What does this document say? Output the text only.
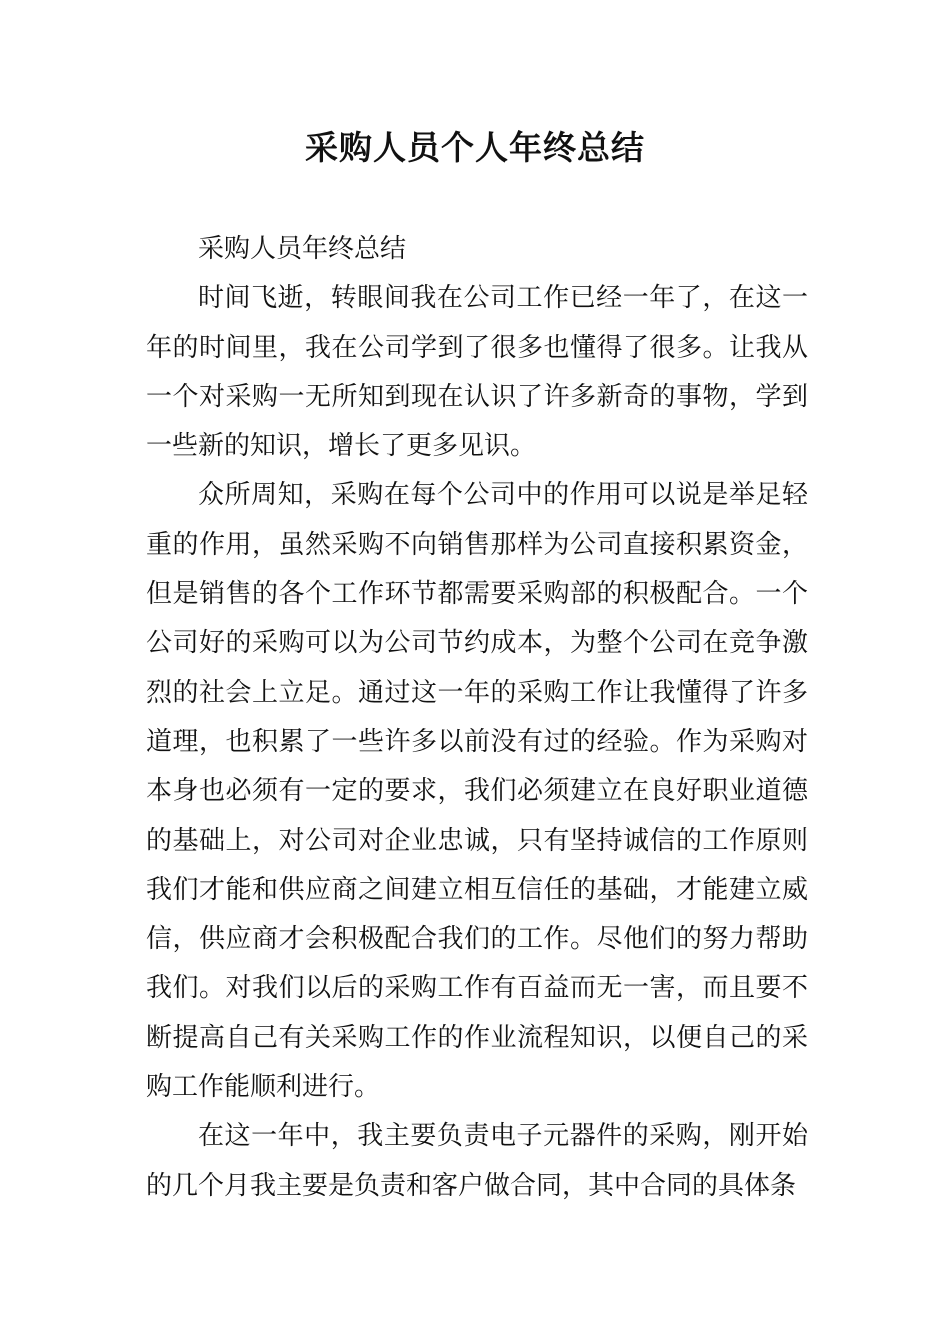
采购人员个人年终总结

采购人员年终总结

时间飞逝，转眼间我在公司工作已经一年了，在这一年的时间里，我在公司学到了很多也懂得了很多。让我从一个对采购一无所知到现在认识了许多新奇的事物，学到一些新的知识，增长了更多见识。

众所周知，采购在每个公司中的作用可以说是举足轻重的作用，虽然采购不向销售那样为公司直接积累资金，但是销售的各个工作环节都需要采购部的积极配合。一个公司好的采购可以为公司节约成本，为整个公司在竞争激烈的社会上立足。通过这一年的采购工作让我懂得了许多道理，也积累了一些许多以前没有过的经验。作为采购对本身也必须有一定的要求，我们必须建立在良好职业道德的基础上，对公司对企业忠诚，只有坚持诚信的工作原则我们才能和供应商之间建立相互信任的基础，才能建立威信，供应商才会积极配合我们的工作。尽他们的努力帮助我们。对我们以后的采购工作有百益而无一害，而且要不断提高自己有关采购工作的作业流程知识，以便自己的采购工作能顺利进行。

在这一年中，我主要负责电子元器件的采购，刚开始的几个月我主要是负责和客户做合同，其中合同的具体条
